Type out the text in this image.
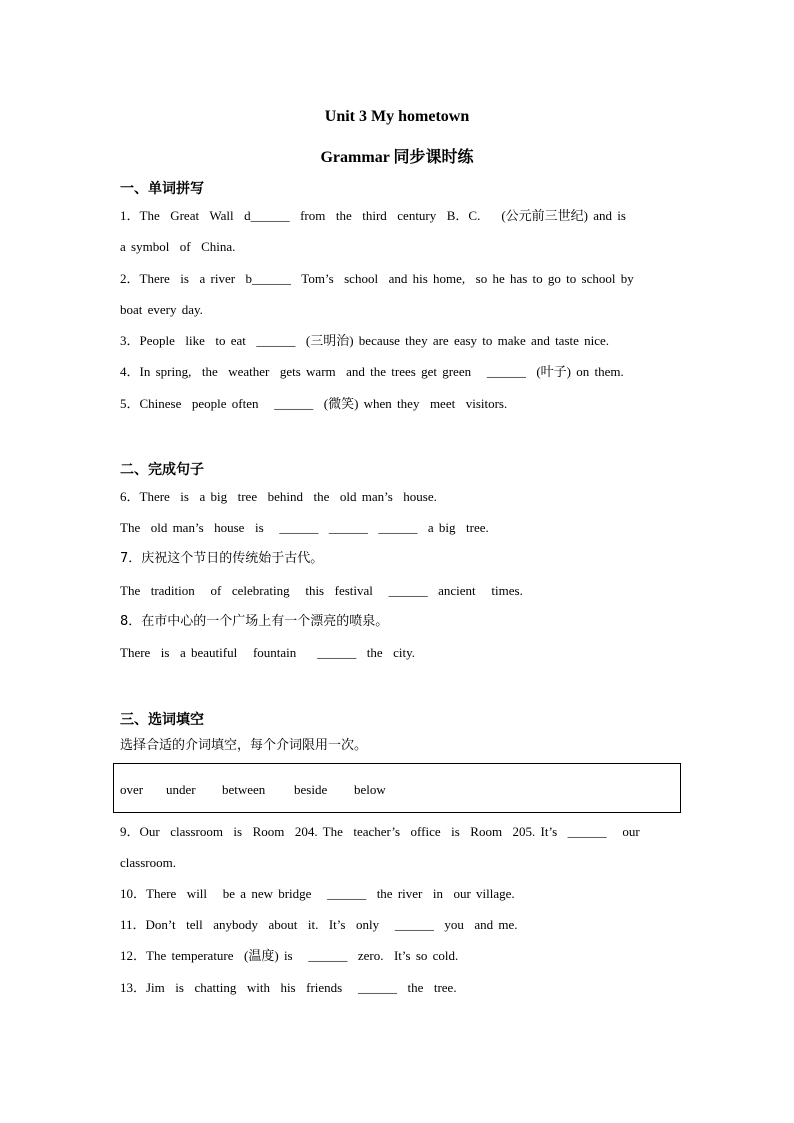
Unit 3 My hometown
Grammar 同步课时练
一、单词拼写
1．The  Great  Wall  d______  from  the  third  century  B．C.    (公元前三世纪) and is
a symbol  of  China.
2．There  is  a river  b______  Tom’s  school  and his home,  so he has to go to school by
boat every day.
3．People  like  to eat  ______  (三明治) because they are easy to make and taste nice.
4．In spring,  the  weather  gets warm  and the trees get green   ______  (叶子) on them.
5．Chinese  people often   ______  (微笑) when they  meet  visitors.
二、完成句子
6．There  is  a big  tree  behind  the  old man’s  house.
The  old man’s  house  is   ______  ______  ______  a big  tree.
7．庆祝这个节日的传统始于古代。
The  tradition   of  celebrating   this  festival   ______  ancient   times.
8．在市中心的一个广场上有一个漂亮的喷泉。
There  is  a beautiful   fountain    ______  the  city.
三、选词填空
选择合适的介词填空，每个介词限用一次。
over under between beside below
9．Our  classroom  is  Room  204. The  teacher’s  office  is  Room  205. It’s  ______   our
classroom.
10．There  will   be a new bridge   ______  the river  in  our village.
11．Don’t  tell  anybody  about  it.  It’s  only   ______  you  and me.
12．The temperature  (温度) is   ______  zero.  It’s so cold.
13．Jim  is  chatting  with  his  friends   ______  the  tree.
